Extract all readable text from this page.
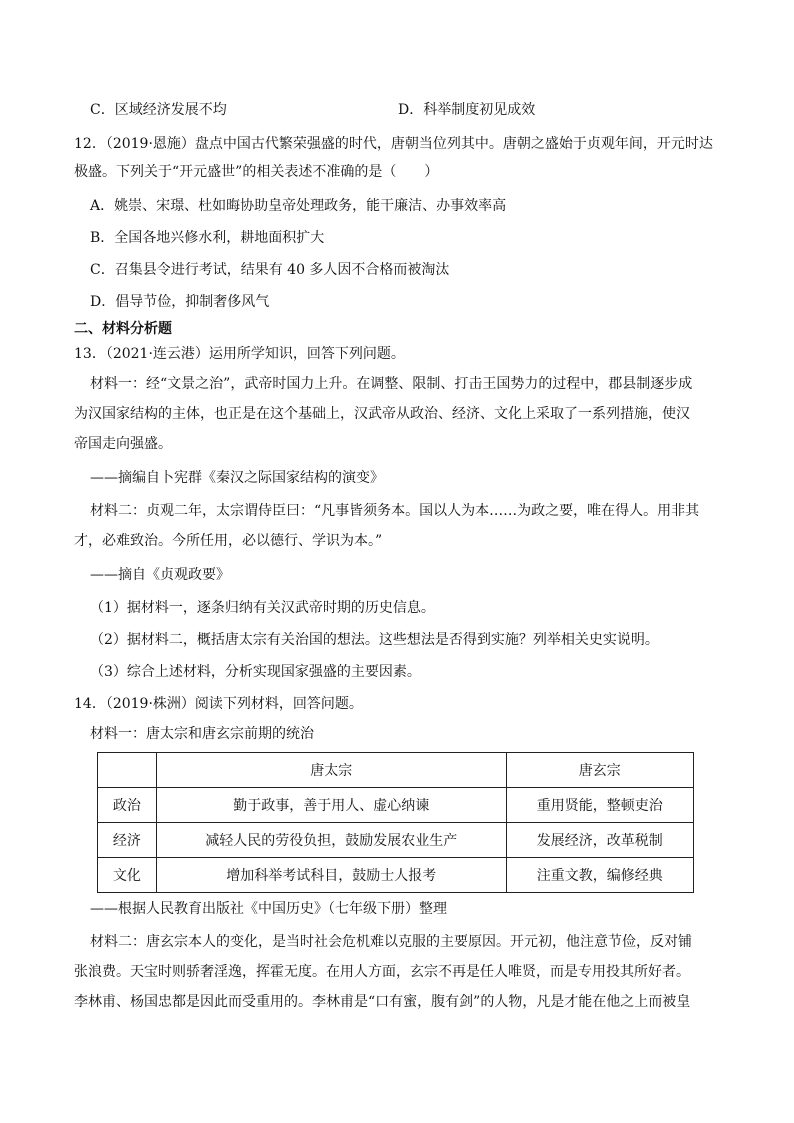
C．区域经济发展不均	D．科举制度初见成效
12．（2019·恩施）盘点中国古代繁荣强盛的时代，唐朝当位列其中。唐朝之盛始于贞观年间，开元时达
极盛。下列关于“开元盛世”的相关表述不准确的是（　　）
A．姚崇、宋璟、杜如晦协助皇帝处理政务，能干廉洁、办事效率高
B．全国各地兴修水利，耕地面积扩大
C．召集县令进行考试，结果有 40 多人因不合格而被淘汰
D．倡导节俭，抑制奢侈风气
二、材料分析题
13．（2021·连云港）运用所学知识，回答下列问题。
材料一：经“文景之治”，武帝时国力上升。在调整、限制、打击王国势力的过程中，郡县制逐步成
为汉国家结构的主体，也正是在这个基础上，汉武帝从政治、经济、文化上采取了一系列措施，使汉
帝国走向强盛。
——摘编自卜宪群《秦汉之际国家结构的演变》
材料二：贞观二年，太宗谓侍臣曰：“凡事皆须务本。国以人为本……为政之要，唯在得人。用非其
才，必难致治。今所任用，必以德行、学识为本。”
——摘自《贞观政要》
（1）据材料一，逐条归纳有关汉武帝时期的历史信息。
（2）据材料二，概括唐太宗有关治国的想法。这些想法是否得到实施？列举相关史实说明。
（3）综合上述材料，分析实现国家强盛的主要因素。
14．（2019·株洲）阅读下列材料，回答问题。
材料一：唐太宗和唐玄宗前期的统治
	唐太宗	唐玄宗
政治	勤于政事，善于用人、虚心纳谏	重用贤能，整顿吏治
经济	减轻人民的劳役负担，鼓励发展农业生产	发展经济，改革税制
文化	增加科举考试科目，鼓励士人报考	注重文教，编修经典
——根据人民教育出版社《中国历史》（七年级下册）整理
材料二：唐玄宗本人的变化，是当时社会危机难以克服的主要原因。开元初，他注意节俭，反对铺
张浪费。天宝时则骄奢淫逸，挥霍无度。在用人方面，玄宗不再是任人唯贤，而是专用投其所好者。
李林甫、杨国忠都是因此而受重用的。李林甫是“口有蜜，腹有剑”的人物，凡是才能在他之上而被皇
